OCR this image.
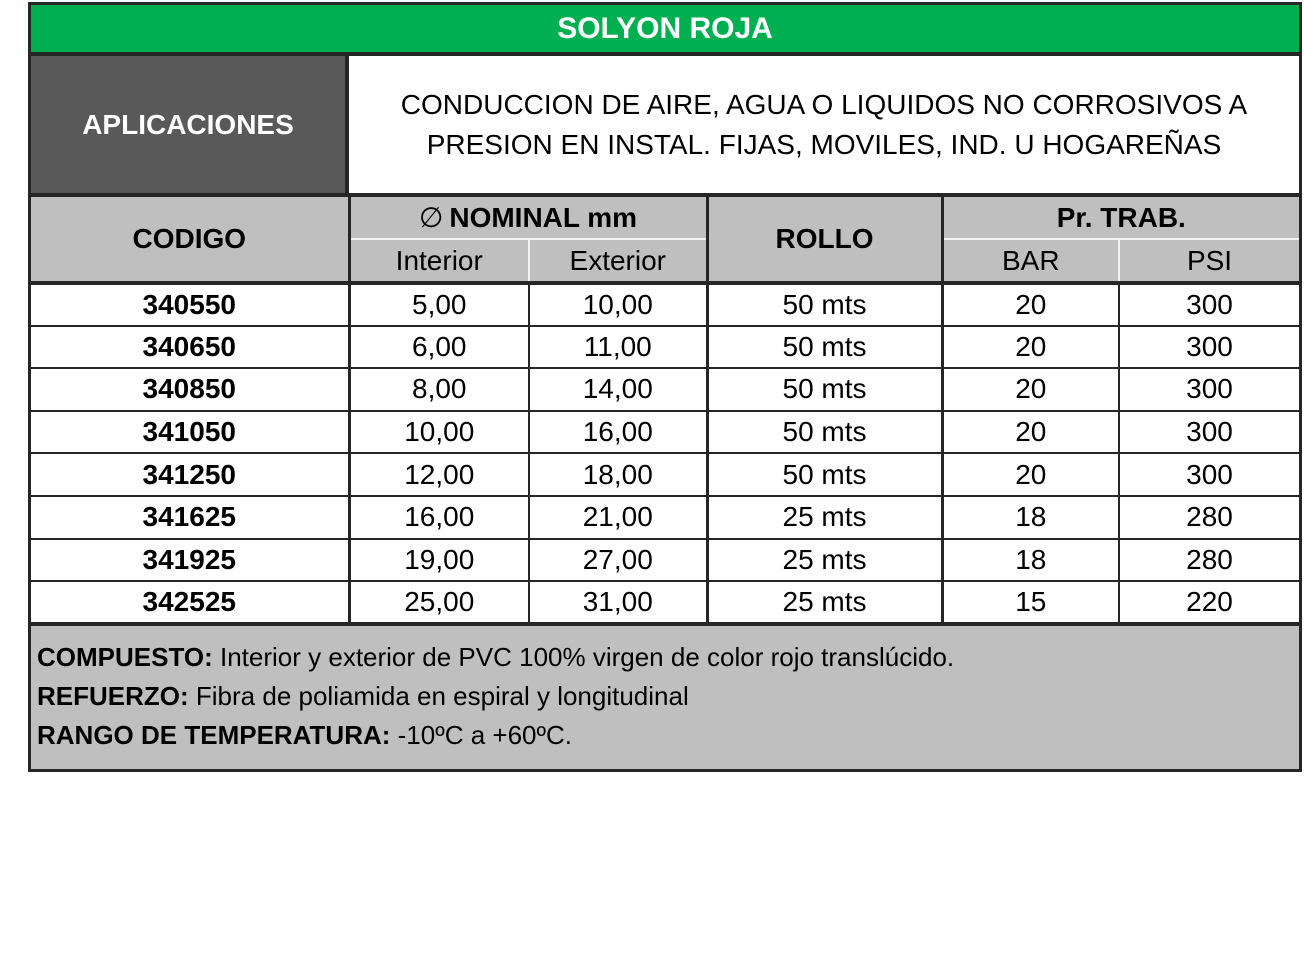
SOLYON ROJA
APLICACIONES
CONDUCCION DE AIRE, AGUA O LIQUIDOS NO CORROSIVOS A
PRESION EN INSTAL. FIJAS, MOVILES, IND. U HOGAREÑAS
CODIGO	∅ NOMINAL mm		ROLLO	Pr. TRAB.	
	Interior	Exterior		BAR	PSI
340550	5,00	10,00	50 mts	20	300
340650	6,00	11,00	50 mts	20	300
340850	8,00	14,00	50 mts	20	300
341050	10,00	16,00	50 mts	20	300
341250	12,00	18,00	50 mts	20	300
341625	16,00	21,00	25 mts	18	280
341925	19,00	27,00	25 mts	18	280
342525	25,00	31,00	25 mts	15	220
COMPUESTO: Interior y exterior de PVC 100% virgen de color rojo translúcido.
REFUERZO: Fibra de poliamida en espiral y longitudinal
RANGO DE TEMPERATURA: -10ºC a +60ºC.
